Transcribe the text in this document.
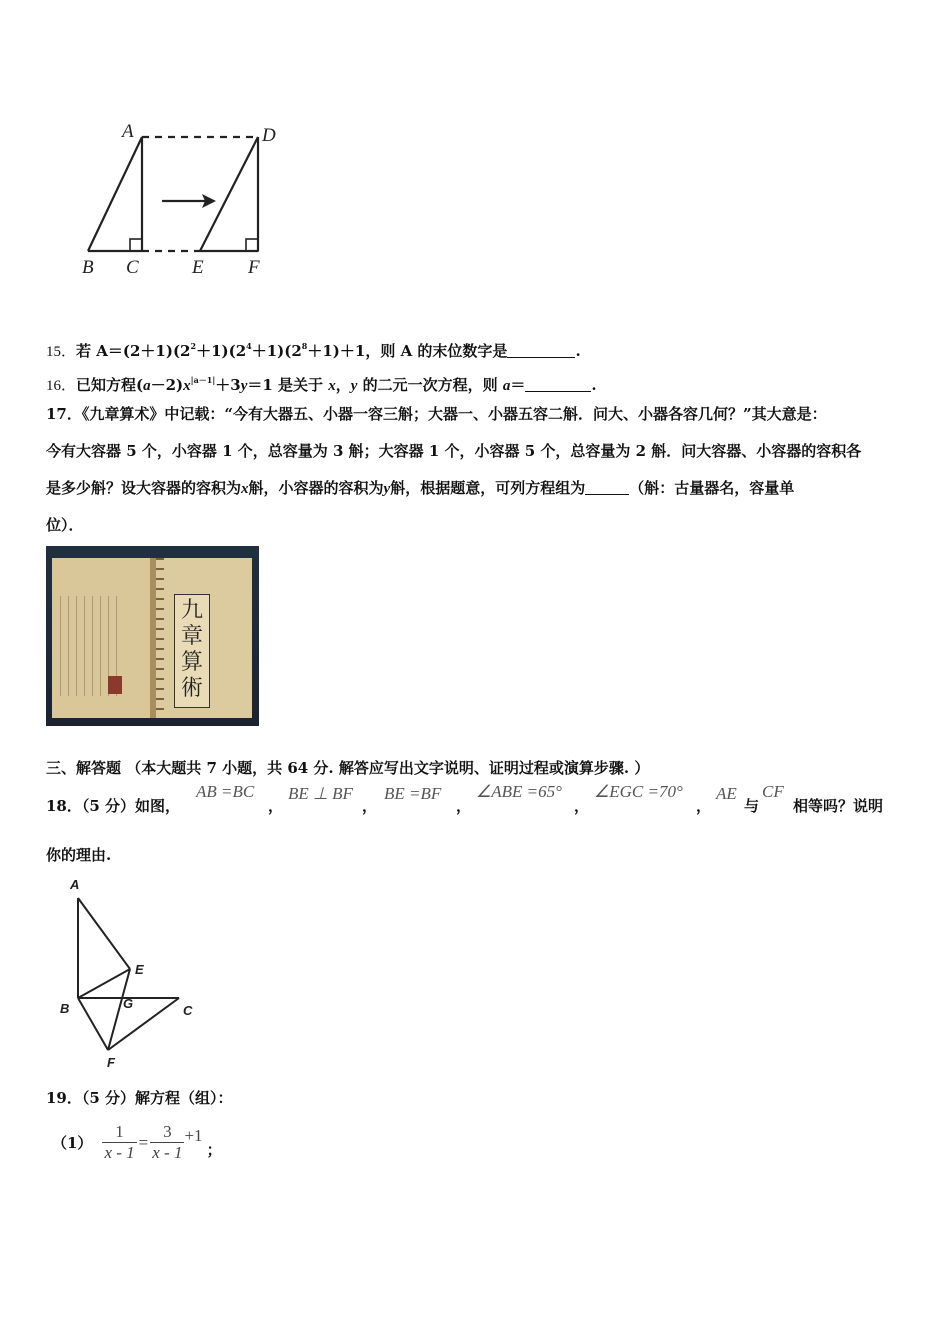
A	D
B C	E F
15．若 $A=(2+1)(2^2+1)(2^4+1)(2^8+1)+1$，则 A 的末位数字是	.
16．已知方程$(a-2)x^{|a-1|}+3y=1$ 是关于 x，y 的二元一次方程，则 a＝	.
17．《九章算术》中记载：“今有大器五、小器一容三斛；大器一、小器五容二斛．问大、小器各容几何？”其大意是：
今有大容器 5 个，小容器 1 个，总容量为 3 斛；大容器 1 个，小容器 5 个，总容量为 2 斛．问大容器、小容器的容积各
是多少斛？设大容器的容积为x斛，小容器的容积为y斛，根据题意，可列方程组为	（斛：古量器名，容量单
位）．
九章算術
三、解答题 （本大题共 7 小题，共 64 分. 解答应写出文字说明、证明过程或演算步骤. ）
18．（5 分）如图，
AB =BC
，
BE ⊥ BF
，
BE =BF
，
∠ABE =65°
，
∠EGC =70°
，
AE
与
CF
相等吗？说明
你的理由.
A
E
B	G	C
F
19．（5 分）解方程（组）：
$(1) \frac{1}{x - 1} = \frac{3}{x - 1} +1$
；
